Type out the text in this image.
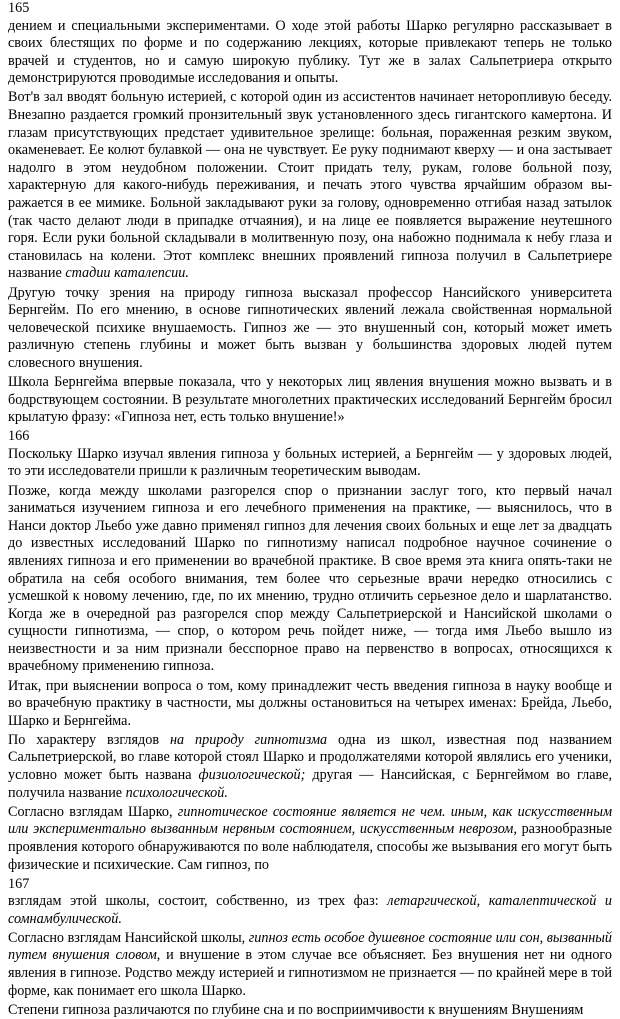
165

дением и специальными экспериментами. О ходе этой работы Шарко регулярно рассказывает в своих блестящих по форме и по содержанию лекциях, которые привлекают теперь не только врачей и студентов, но и самую широкую публику. Тут же в залах Сальпетриера открыто демонстрируются проводимые исследования и опыты.

Вот'в зал вводят больную истерией, с которой один из ассистентов начинает неторопливую беседу. Внезапно раздается громкий пронзительный звук установленного здесь гигантского камертона. И глазам присутствующих предстает удивительное зрелище: больная, пораженная резким звуком, окаменевает. Ее колют булавкой — она не чувствует. Ее руку поднимают кверху — и она застывает надолго в этом неудобном положении. Стоит придать телу, рукам, голове больной позу, характерную для какого-нибудь переживания, и печать этого чувства ярчайшим образом вы-ражается в ее мимике. Больной закладывают руки за голову, одновременно отгибая назад затылок (так часто делают люди в припадке отчаяния), и на лице ее появляется выражение неутешного горя. Если руки больной складывали в молитвенную позу, она набожно поднимала к небу глаза и становилась на колени. Этот комплекс внешних проявлений гипноза получил в Сальпетриере название стадии каталепсии.

Другую точку зрения на природу гипноза высказал профессор Нансийского университета Бернгейм. По его мнению, в основе гипнотических явлений лежала свойственная нормальной человеческой психике внушаемость. Гипноз же — это внушенный сон, который может иметь различную степень глубины и может быть вызван у большинства здоровых людей путем словесного внушения.

Школа Бернгейма впервые показала, что у некоторых лиц явления внушения можно вызвать и в бодрствующем состоянии. В результате многолетних практических исследований Бернгейм бросил крылатую фразу: «Гипноза нет, есть только внушение!»

166

Поскольку Шарко изучал явления гипноза у больных истерией, а Бернгейм — у здоровых людей, то эти исследователи пришли к различным теоретическим выводам.

Позже, когда между школами разгорелся спор о признании заслуг того, кто первый начал заниматься изучением гипноза и его лечебного применения на практике, — выяснилось, что в Нанси доктор Льебо уже давно применял гипноз для лечения своих больных и еще лет за двадцать до известных исследований Шарко по гипнотизму написал подробное научное сочинение о явлениях гипноза и его применении во врачебной практике. В свое время эта книга опять-таки не обратила на себя особого внимания, тем более что серьезные врачи нередко относились с усмешкой к новому лечению, где, по их мнению, трудно отличить серьезное дело и шарлатанство. Когда же в очередной раз разгорелся спор между Сальпетриерской и Нансийской школами о сущности гипнотизма, — спор, о котором речь пойдет ниже, — тогда имя Льебо вышло из неизвестности и за ним признали бесспорное право на первенство в вопросах, относящихся к врачебному применению гипноза.

Итак, при выяснении вопроса о том, кому принадлежит честь введения гипноза в науку вообще и во врачебную практику в частности, мы должны остановиться на четырех именах: Брейда, Льебо, Шарко и Бернгейма.

По характеру взглядов на природу гипнотизма одна из школ, известная под названием Сальпетриерской, во главе которой стоял Шарко и продолжателями которой являлись его ученики, условно может быть названа физиологической; другая — Нансийская, с Бернгеймом во главе, получила название психологической.

Согласно взглядам Шарко, гипнотическое состояние является не чем. иным, как искусственным или экспериментально вызванным нервным состоянием, искусственным неврозом, разнообразные проявления которого обнаруживаются по воле наблюдателя, способы же вызывания его могут быть физические и психические. Сам гипноз, по

167

взглядам этой школы, состоит, собственно, из трех фаз: летаргической, каталептической и сомнамбулической.

Согласно взглядам Нансийской школы, гипноз есть особое душевное состояние или сон, вызванный путем внушения словом, и внушение в этом случае все объясняет. Без внушения нет ни одного явления в гипнозе. Родство между истерией и гипнотизмом не признается — по крайней мере в той форме, как понимает его школа Шарко.

Степени гипноза различаются по глубине сна и по восприимчивости к внушениям Внушениям
